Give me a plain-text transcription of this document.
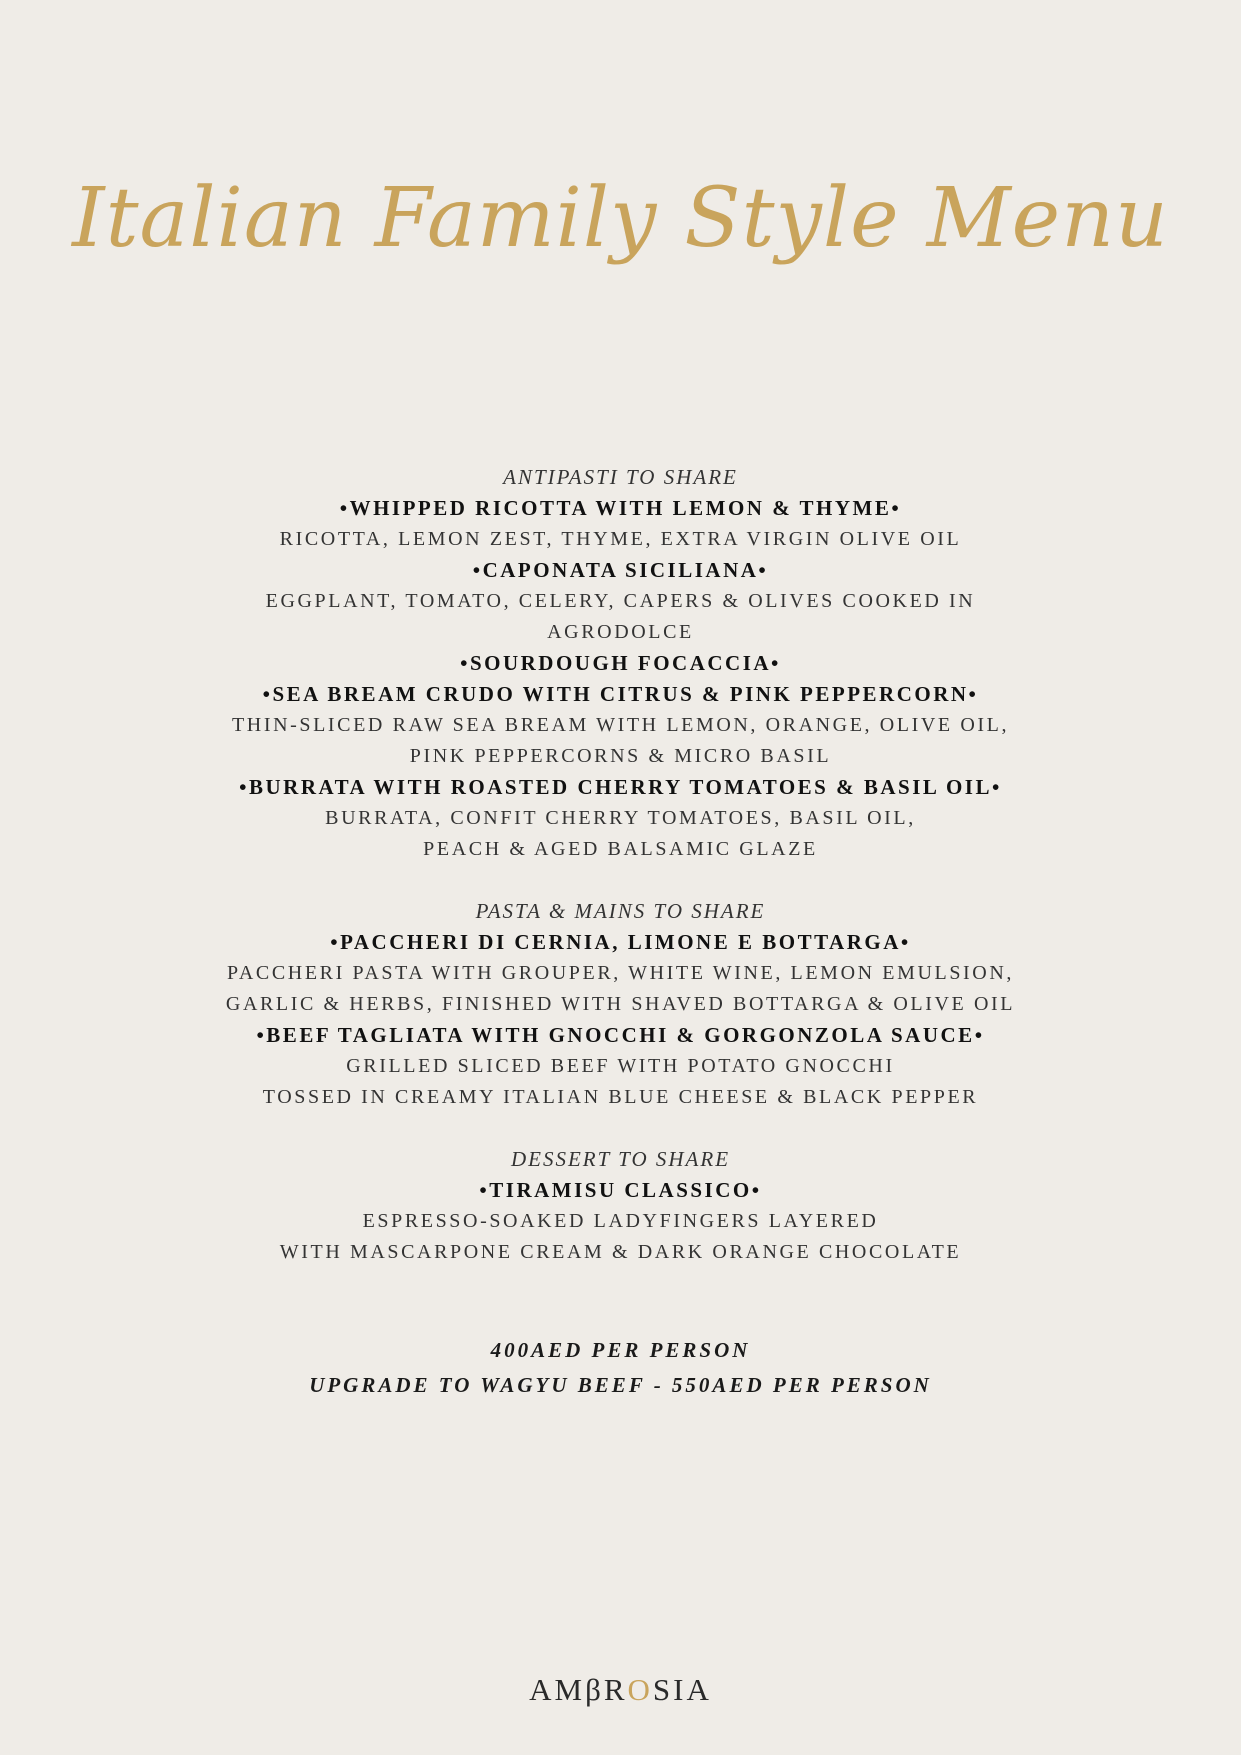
Italian Family Style Menu

ANTIPASTI TO SHARE

•WHIPPED RICOTTA WITH LEMON & THYME•

RICOTTA, LEMON ZEST, THYME, EXTRA VIRGIN OLIVE OIL

•CAPONATA SICILIANA•

EGGPLANT, TOMATO, CELERY, CAPERS & OLIVES COOKED IN

AGRODOLCE

•SOURDOUGH FOCACCIA•

•SEA BREAM CRUDO WITH CITRUS & PINK PEPPERCORN•

THIN-SLICED RAW SEA BREAM WITH LEMON, ORANGE, OLIVE OIL,

PINK PEPPERCORNS & MICRO BASIL

•BURRATA WITH ROASTED CHERRY TOMATOES & BASIL OIL•

BURRATA, CONFIT CHERRY TOMATOES, BASIL OIL,

PEACH & AGED BALSAMIC GLAZE

PASTA & MAINS TO SHARE

•PACCHERI DI CERNIA, LIMONE E BOTTARGA•

PACCHERI PASTA WITH GROUPER, WHITE WINE, LEMON EMULSION,

GARLIC & HERBS, FINISHED WITH SHAVED BOTTARGA & OLIVE OIL

•BEEF TAGLIATA WITH GNOCCHI & GORGONZOLA SAUCE•

GRILLED SLICED BEEF WITH POTATO GNOCCHI

TOSSED IN CREAMY ITALIAN BLUE CHEESE & BLACK PEPPER

DESSERT TO SHARE

•TIRAMISU CLASSICO•

ESPRESSO-SOAKED LADYFINGERS LAYERED

WITH MASCARPONE CREAM & DARK ORANGE CHOCOLATE

400AED PER PERSON

UPGRADE TO WAGYU BEEF - 550AED PER PERSON

AMβROSIA
